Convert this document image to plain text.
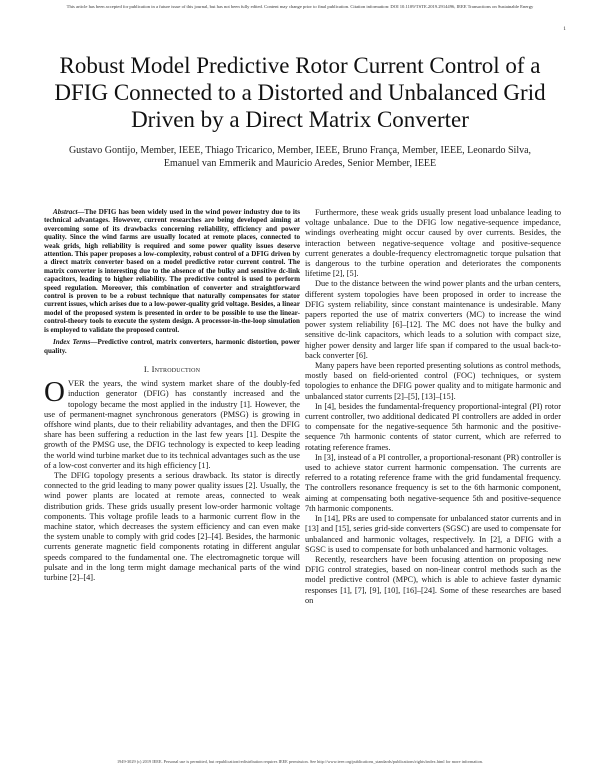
This article has been accepted for publication in a future issue of this journal, but has not been fully edited. Content may change prior to final publication. Citation information: DOI 10.1109/TSTE.2019.2914496, IEEE Transactions on Sustainable Energy
1
Robust Model Predictive Rotor Current Control of a DFIG Connected to a Distorted and Unbalanced Grid Driven by a Direct Matrix Converter
Gustavo Gontijo, Member, IEEE, Thiago Tricarico, Member, IEEE, Bruno França, Member, IEEE, Leonardo Silva,
Emanuel van Emmerik and Mauricio Aredes, Senior Member, IEEE

Abstract—The DFIG has been widely used in the wind power industry due to its technical advantages. However, current researches are being developed aiming at overcoming some of its drawbacks concerning reliability, efficiency and power quality. Since the wind farms are usually located at remote places, connected to weak grids, high reliability is required and some power quality issues deserve attention. This paper proposes a low-complexity, robust control of a DFIG driven by a direct matrix converter based on a model predictive rotor current control. The matrix converter is interesting due to the absence of the bulky and sensitive dc-link capacitors, leading to higher reliability. The predictive control is used to perform speed regulation. Moreover, this combination of converter and straightforward control is proven to be a robust technique that naturally compensates for stator current issues, which arises due to a low-power-quality grid voltage. Besides, a linear model of the proposed system is presented in order to be possible to use the linear-control-theory tools to execute the system design. A processor-in-the-loop simulation is employed to validate the proposed control.

Index Terms—Predictive control, matrix converters, harmonic distortion, power quality.

I. Introduction

OVER the years, the wind system market share of the doubly-fed induction generator (DFIG) has constantly increased and the topology became the most applied in the industry [1]. However, the use of permanent-magnet synchronous generators (PMSG) is growing in offshore wind plants, due to their reliability advantages, and then the DFIG share has been suffering a reduction in the last few years [1]. Despite the growth of the PMSG use, the DFIG technology is expected to keep leading the world wind turbine market due to its technical advantages such as the use of a low-cost converter and its high efficiency [1].

The DFIG topology presents a serious drawback. Its stator is directly connected to the grid leading to many power quality issues [2]. Usually, the wind power plants are located at remote areas, connected to weak distribution grids. These grids usually present low-order harmonic voltage components. This voltage profile leads to a harmonic current flow in the machine stator, which decreases the system efficiency and can even make the system unable to comply with grid codes [2]–[4]. Besides, the harmonic currents generate magnetic field components rotating in different angular speeds compared to the fundamental one. The electromagnetic torque will pulsate and in the long term might damage mechanical parts of the wind turbine [2]–[4].

Furthermore, these weak grids usually present load unbalance leading to voltage unbalance. Due to the DFIG low negative-sequence impedance, windings overheating might occur caused by over currents. Besides, the interaction between negative-sequence voltage and positive-sequence current generates a double-frequency electromagnetic torque pulsation that is dangerous to the turbine operation and deteriorates the components lifetime [2], [5].

Due to the distance between the wind power plants and the urban centers, different system topologies have been proposed in order to increase the DFIG system reliability, since constant maintenance is undesirable. Many papers reported the use of matrix converters (MC) to increase the wind power system reliability [6]–[12]. The MC does not have the bulky and sensitive dc-link capacitors, which leads to a solution with compact size, higher power density and larger life span if compared to the usual back-to-back converter [6].

Many papers have been reported presenting solutions as control methods, mostly based on field-oriented control (FOC) techniques, or system topologies to enhance the DFIG power quality and to mitigate harmonic and unbalanced stator currents [2]–[5], [13]–[15].

In [4], besides the fundamental-frequency proportional-integral (PI) rotor current controller, two additional dedicated PI controllers are added in order to compensate for the negative-sequence 5th harmonic and the positive-sequence 7th harmonic contents of stator current, which are referred to rotating reference frames.

In [3], instead of a PI controller, a proportional-resonant (PR) controller is used to achieve stator current harmonic compensation. The currents are referred to a rotating reference frame with the grid fundamental frequency. The controllers resonance frequency is set to the 6th harmonic component, aiming at compensating both negative-sequence 5th and positive-sequence 7th harmonic components.

In [14], PRs are used to compensate for unbalanced stator currents and in [13] and [15], series grid-side converters (SGSC) are used to compensate for unbalanced and harmonic voltages, respectively. In [2], a DFIG with a SGSC is used to compensate for both unbalanced and harmonic voltages.

Recently, researchers have been focusing attention on proposing new DFIG control strategies, based on non-linear control methods such as the model predictive control (MPC), which is able to achieve faster dynamic responses [1], [7], [9], [10], [16]–[24]. Some of these researches are based on

1949-3029 (c) 2019 IEEE. Personal use is permitted, but republication/redistribution requires IEEE permission. See http://www.ieee.org/publications_standards/publications/rights/index.html for more information.
